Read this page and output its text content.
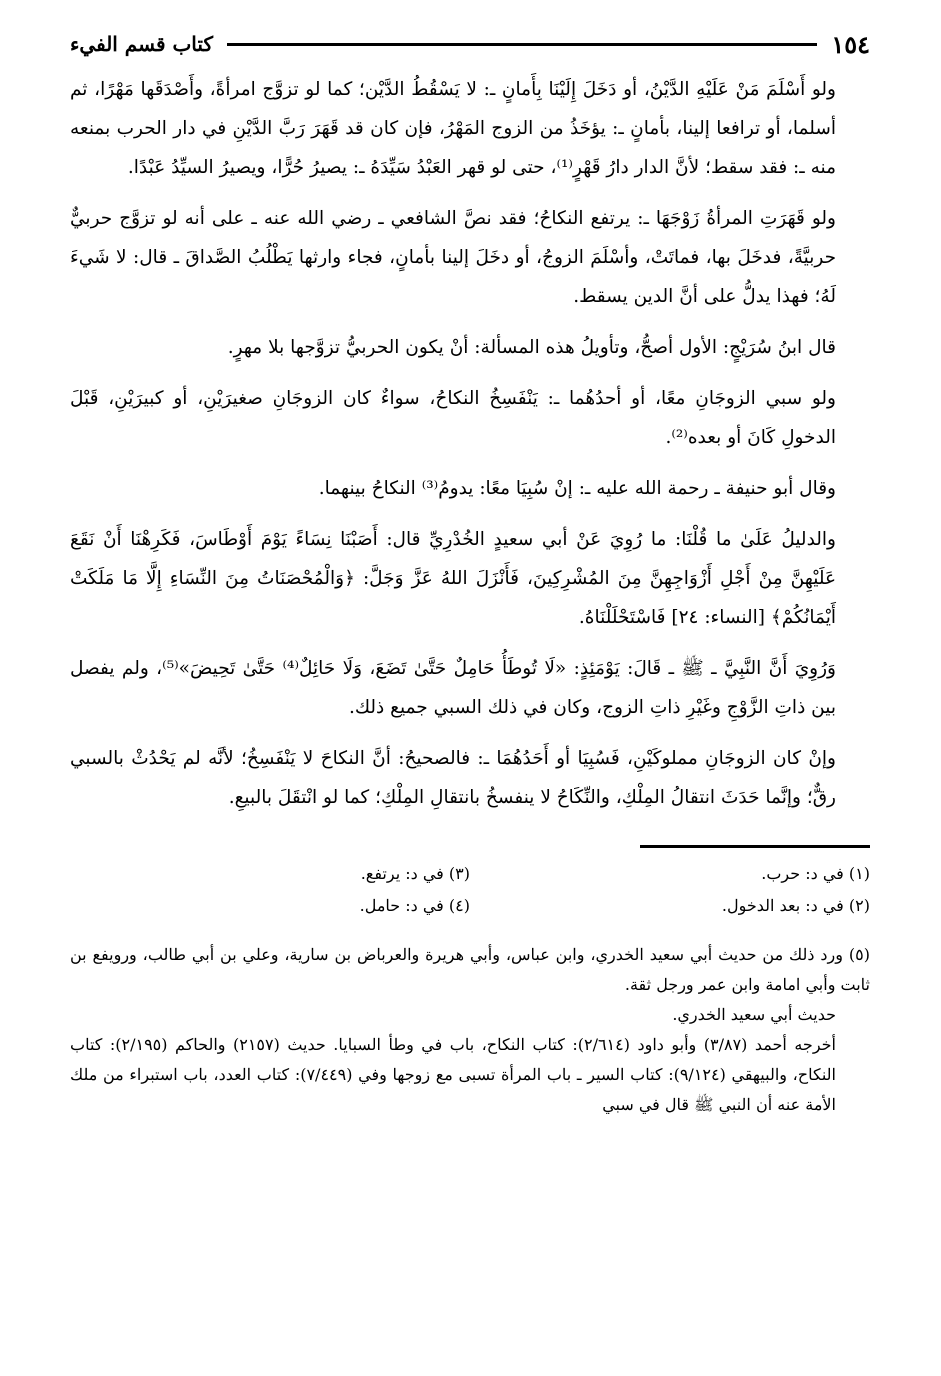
١٥٤
كتاب قسم الفيء

ولو أَسْلَمَ مَنْ عَلَيْهِ الدَّيْنُ، أو دَخَلَ إِلَيْنَا بِأَمانٍ ـ: لا يَسْقُطُ الدَّيْن؛ كما لو تزوَّج امرأةً، وأَصْدَقَها مَهْرًا، ثم أسلما، أو ترافعا إلينا، بأمانٍ ـ: يؤخَذُ من الزوج المَهْرُ، فإن كان قد قَهَرَ رَبَّ الدَّيْنِ في دار الحرب بمنعه منه ـ: فقد سقط؛ لأنَّ الدار دارُ قَهْرٍ⁽¹⁾، حتى لو قهر العَبْدُ سَيِّدَهُ ـ: يصيرُ حُرًّا، ويصيرُ السيِّدُ عَبْدًا.

ولو قَهَرَتِ المرأةُ زَوْجَهَا ـ: يرتفع النكاحُ؛ فقد نصَّ الشافعي ـ رضي الله عنه ـ على أنه لو تزوَّج حربيٌّ حربيَّةً، فدخَلَ بها، فماتَتْ، وأسْلَمَ الزوجُ، أو دخَلَ إلينا بأمانٍ، فجاء وارثها يَطْلُبُ الصَّداقَ ـ قال: لا شَيءَ لَهُ؛ فهذا يدلُّ على أنَّ الدين يسقط.

قال ابنُ سُرَيْجٍ: الأول أصحُّ، وتأويلُ هذه المسألة: أنْ يكون الحربيُّ تزوَّجها بلا مهرٍ.

ولو سبي الزوجَانِ معًا، أو أحدُهُما ـ: يَنْفَسِخُ النكاحُ، سواءٌ كان الزوجَانِ صغيرَيْنِ، أو كبيرَيْنِ، قَبْلَ الدخولِ كَانَ أو بعده⁽²⁾.

وقال أبو حنيفة ـ رحمة الله عليه ـ: إنْ سُبِيَا معًا: يدومُ⁽³⁾ النكاحُ بينهما.

والدليلُ عَلَىٰ ما قُلْنَا: ما رُوِيَ عَنْ أبي سعيدٍ الخُدْرِيِّ قال: أَصَبْنَا نِسَاءً يَوْمَ أَوْطَاسَ، فَكَرِهْنَا أَنْ نَقَعَ عَلَيْهِنَّ مِنْ أَجْلِ أَزْوَاجِهِنَّ مِنَ المُشْرِكِينَ، فَأَنْزَلَ اللهُ عَزَّ وَجَلَّ: ﴿وَالْمُحْصَنَاتُ مِنَ النِّسَاءِ إِلَّا مَا مَلَكَتْ أَيْمَانُكُمْ﴾ [النساء: ٢٤] فَاسْتَحْلَلْنَاهُ.

وَرُوِيَ أَنَّ النَّبِيَّ ـ ﷺ ـ قَالَ: يَوْمَئِذٍ: «لَا تُوطَأُ حَامِلٌ حَتَّىٰ تَضَعَ، وَلَا حَائِلٌ⁽⁴⁾ حَتَّىٰ تَحِيضَ»⁽⁵⁾، ولم يفصل بين ذاتِ الزَّوْجِ وغَيْرِ ذاتِ الزوج، وكان في ذلك السبي جميع ذلك.

وإنْ كان الزوجَانِ مملوكَيْنِ، فَسُبِيَا أو أَحَدُهُمَا ـ: فالصحيحُ: أنَّ النكاحَ لا يَنْفَسِخُ؛ لأنَّه لم يَحْدُثْ بالسبي رقٌّ؛ وإنَّما حَدَثَ انتقالُ المِلْكِ، والنِّكَاحُ لا ينفسخُ بانتقالِ المِلْكِ؛ كما لو انْتقَلَ بالبيعِ.

(١) في د: حرب.
(٣) في د: يرتفع.
(٢) في د: بعد الدخول.
(٤) في د: حامل.

(٥) ورد ذلك من حديث أبي سعيد الخدري، وابن عباس، وأبي هريرة والعرباض بن سارية، وعلي بن أبي طالب، ورويفع بن ثابت وأبي امامة وابن عمر ورجل ثقة.

حديث أبي سعيد الخدري.

أخرجه أحمد (٣/٨٧) وأبو داود (٢/٦١٤): كتاب النكاح، باب في وطأ السبايا. حديث (٢١٥٧) والحاكم (٢/١٩٥): كتاب النكاح، والبيهقي (٩/١٢٤): كتاب السير ـ باب المرأة تسبى مع زوجها وفي (٧/٤٤٩): كتاب العدد، باب استبراء من ملك الأمة عنه أن النبي ﷺ قال في سبي
